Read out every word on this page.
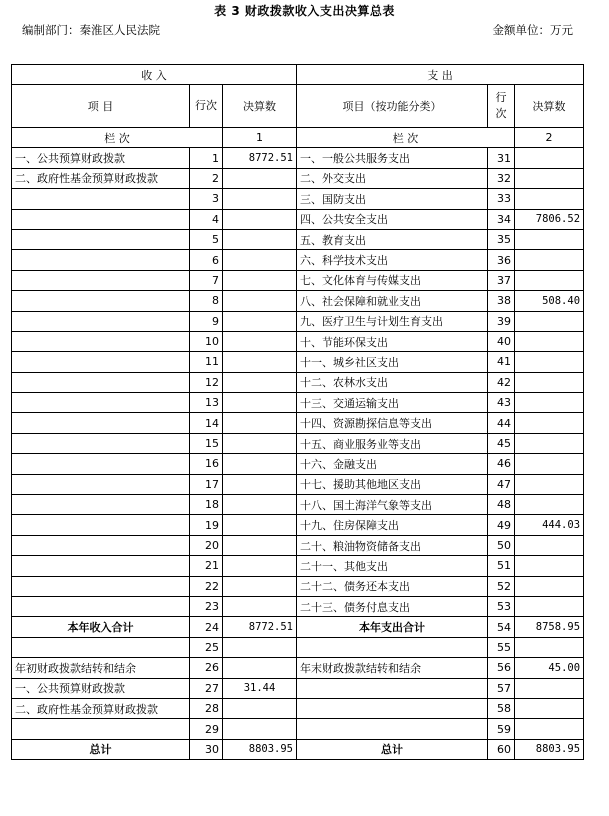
表 3 财政拨款收入支出决算总表
编制部门：秦淮区人民法院	金额单位：万元
收 入			支 出		
项 目	行次	决算数	项目（按功能分类）	行次	决算数
栏 次		1	栏 次		2
一、公共预算财政拨款	1	8772.51	一、一般公共服务支出	31	
二、政府性基金预算财政拨款	2		二、外交支出	32	
	3		三、国防支出	33	
	4		四、公共安全支出	34	7806.52
	5		五、教育支出	35	
	6		六、科学技术支出	36	
	7		七、文化体育与传媒支出	37	
	8		八、社会保障和就业支出	38	508.40
	9		九、医疗卫生与计划生育支出	39	
	10		十、节能环保支出	40	
	11		十一、城乡社区支出	41	
	12		十二、农林水支出	42	
	13		十三、交通运输支出	43	
	14		十四、资源勘探信息等支出	44	
	15		十五、商业服务业等支出	45	
	16		十六、金融支出	46	
	17		十七、援助其他地区支出	47	
	18		十八、国土海洋气象等支出	48	
	19		十九、住房保障支出	49	444.03
	20		二十、粮油物资储备支出	50	
	21		二十一、其他支出	51	
	22		二十二、债务还本支出	52	
	23		二十三、债务付息支出	53	
本年收入合计	24	8772.51	本年支出合计	54	8758.95
	25			55	
年初财政拨款结转和结余	26		年末财政拨款结转和结余	56	45.00
一、公共预算财政拨款	27	31.44		57	
二、政府性基金预算财政拨款	28			58	
	29			59	
总计	30	8803.95	总计	60	8803.95
